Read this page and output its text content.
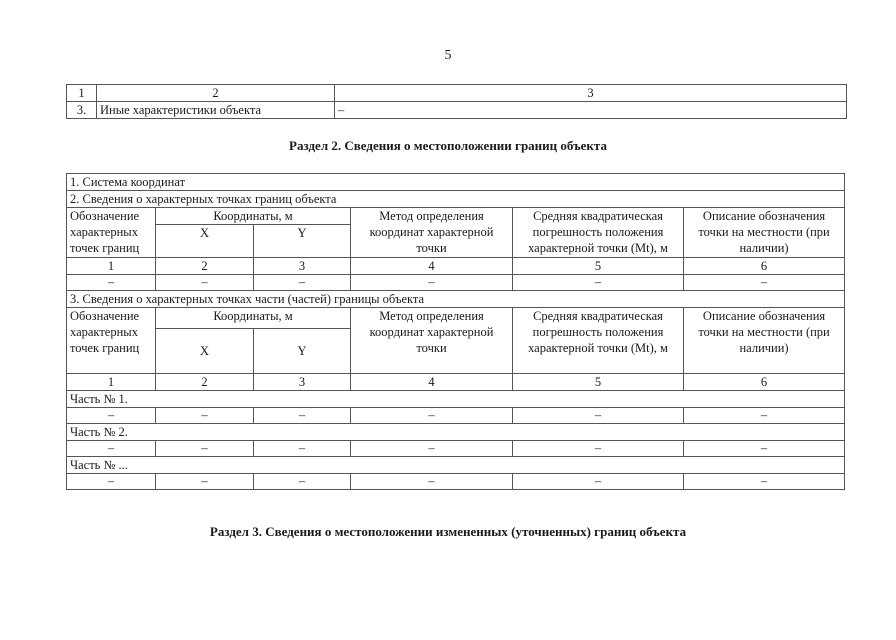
5
1	2	3
3.	Иные характеристики объекта	–
Раздел 2. Сведения о местоположении границ объекта
1. Система координат					
2. Сведения о характерных точках границ объекта					
Обозначение характерных точек границ	Координаты, м		Метод определения координат характерной точки	Средняя квадратическая погрешность положения характерной точки (Mt), м	Описание обозначения точки на местности (при наличии)
	X	Y			
1	2	3	4	5	6
–	–	–	–	–	–
3. Сведения о характерных точках части (частей) границы объекта					
Обозначение характерных точек границ	Координаты, м		Метод определения координат характерной точки	Средняя квадратическая погрешность положения характерной точки (Mt), м	Описание обозначения точки на местности (при наличии)
	X	Y			
1	2	3	4	5	6
Часть № 1.					
–	–	–	–	–	–
Часть № 2.					
–	–	–	–	–	–
Часть № ...					
–	–	–	–	–	–
Раздел 3. Сведения о местоположении измененных (уточненных) границ объекта
